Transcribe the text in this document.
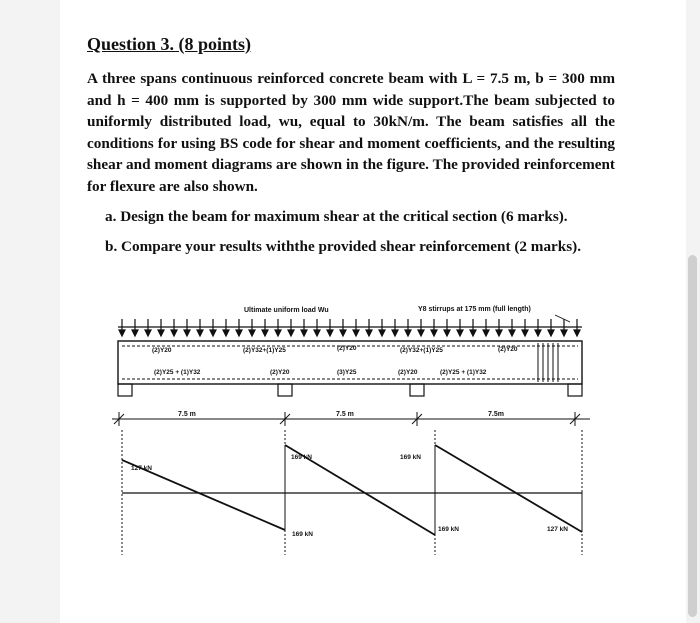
Question 3. (8 points)

A three spans continuous reinforced concrete beam with L = 7.5 m, b = 300 mm and h = 400 mm is supported by 300 mm wide support.The beam subjected to uniformly distributed load, wu, equal to 30kN/m. The beam satisfies all the conditions for using BS code for shear and moment coefficients, and the resulting shear and moment diagrams are shown in the figure. The provided reinforcement for flexure are also shown.

a. Design the beam for maximum shear at the critical section (6 marks).
b. Compare your results withthe provided shear reinforcement (2 marks).
Ultimate uniform load Wu	Y8 stirrups at 175 mm (full length)
(2)Y20	(2)Y32+(1)Y25	(2)Y20	(2)Y32+(1)Y25	(2)Y20
(2)Y25 + (1)Y32	(2)Y20	(3)Y25	(2)Y20	(2)Y25 + (1)Y32
7.5 m	7.5 m	7.5m
127 kN
169 kN
169 kN
169 kN
169 kN	127 kN
